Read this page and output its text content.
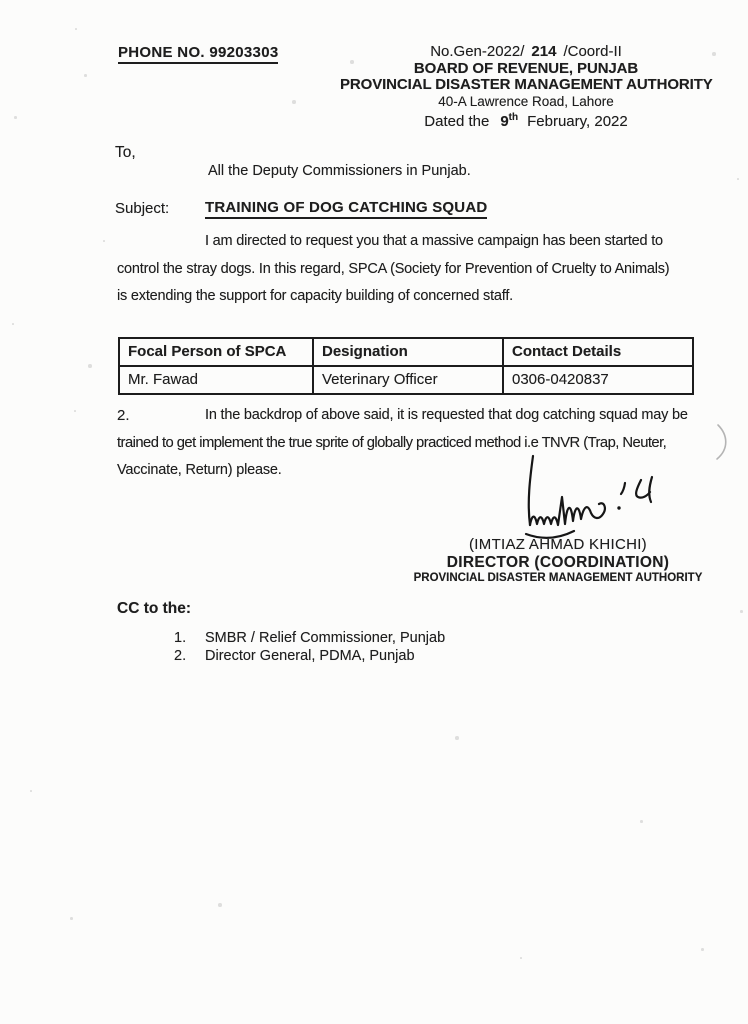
PHONE NO. 99203303	No.Gen-2022/ 214 /Coord-II
BOARD OF REVENUE, PUNJAB
PROVINCIAL DISASTER MANAGEMENT AUTHORITY
40-A Lawrence Road, Lahore
Dated the 9th February, 2022
To,
All the Deputy Commissioners in Punjab.
Subject: TRAINING OF DOG CATCHING SQUAD
I am directed to request you that a massive campaign has been started to
control the stray dogs. In this regard, SPCA (Society for Prevention of Cruelty to Animals)
is extending the support for capacity building of concerned staff.
Focal Person of SPCA	Designation	Contact Details
Mr. Fawad	Veterinary Officer	0306-0420837
2.	In the backdrop of above said, it is requested that dog catching squad may be
trained to get implement the true sprite of globally practiced method i.e TNVR (Trap, Neuter,
Vaccinate, Return) please.
(IMTIAZ AHMAD KHICHI)
DIRECTOR (COORDINATION)
PROVINCIAL DISASTER MANAGEMENT AUTHORITY
CC to the:
1.	SMBR / Relief Commissioner, Punjab
2.	Director General, PDMA, Punjab
